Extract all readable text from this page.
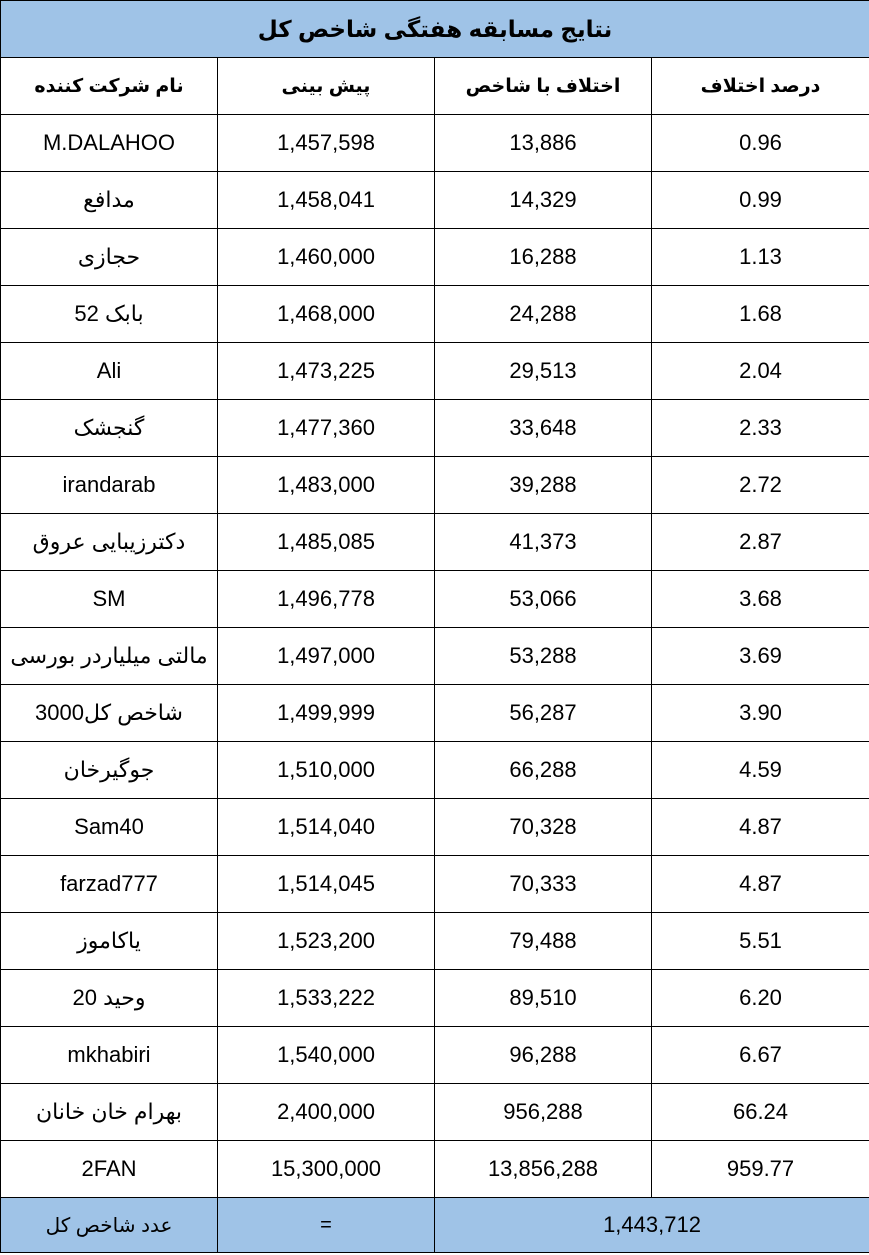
نتایج مسابقه هفتگی شاخص کل			
نام شرکت کننده	پیش بینی	اختلاف با شاخص	درصد اختلاف
M.DALAHOO	1,457,598	13,886	0.96
مدافع	1,458,041	14,329	0.99
حجازی	1,460,000	16,288	1.13
بابک 52	1,468,000	24,288	1.68
Ali	1,473,225	29,513	2.04
گنجشک	1,477,360	33,648	2.33
irandarab	1,483,000	39,288	2.72
دکترزیبایی عروق	1,485,085	41,373	2.87
SM	1,496,778	53,066	3.68
مالتی میلیاردر بورسی	1,497,000	53,288	3.69
شاخص کل3000	1,499,999	56,287	3.90
جوگیرخان	1,510,000	66,288	4.59
Sam40	1,514,040	70,328	4.87
farzad777	1,514,045	70,333	4.87
یاکاموز	1,523,200	79,488	5.51
وحید 20	1,533,222	89,510	6.20
mkhabiri	1,540,000	96,288	6.67
بهرام خان خانان	2,400,000	956,288	66.24
2FAN	15,300,000	13,856,288	959.77
عدد شاخص کل	=	1,443,712	
